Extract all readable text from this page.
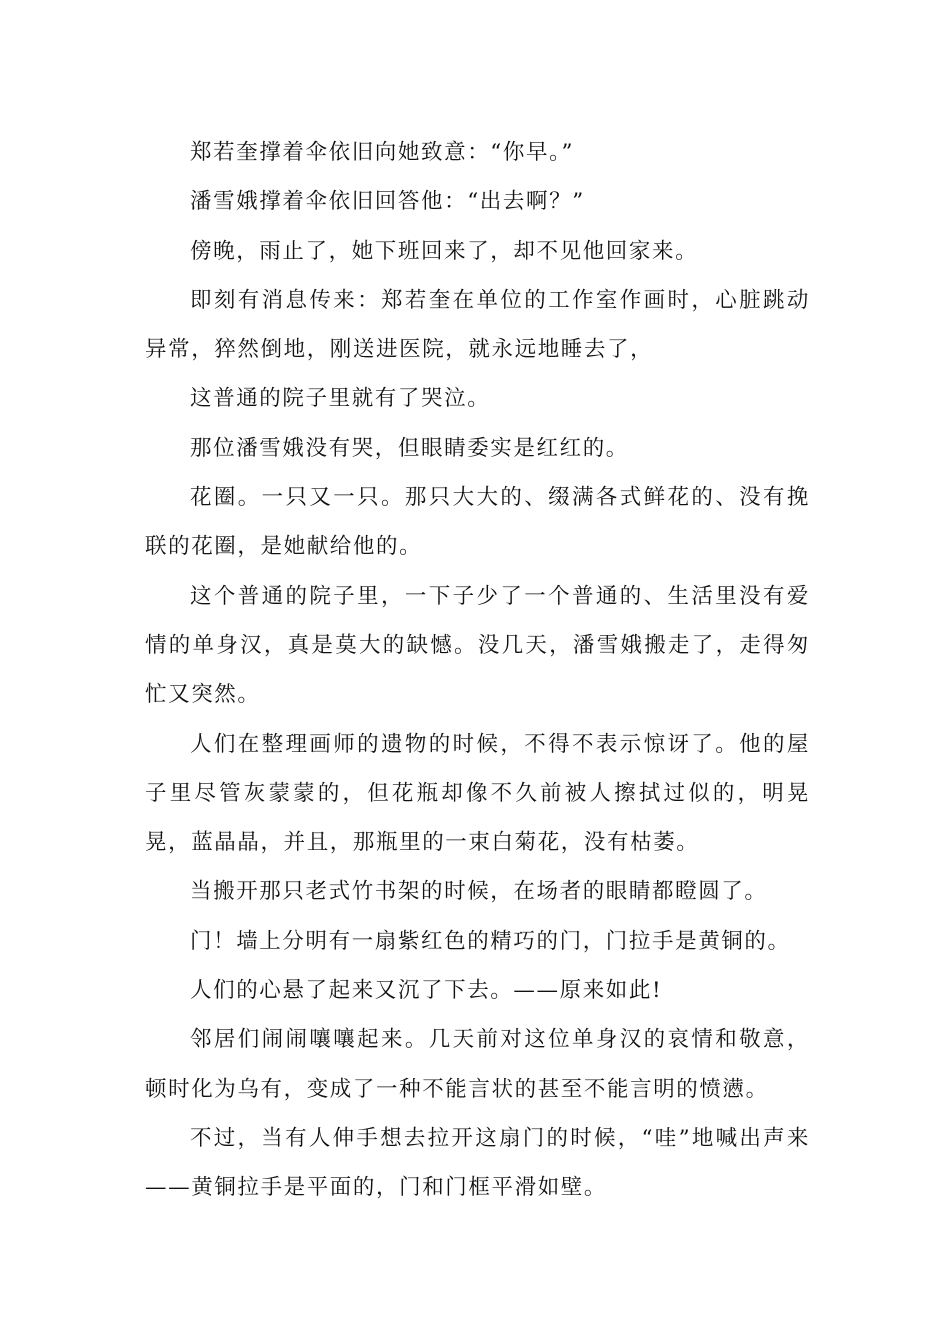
郑若奎撑着伞依旧向她致意：“你早。”

潘雪娥撑着伞依旧回答他：“出去啊？”

傍晚，雨止了，她下班回来了，却不见他回家来。

即刻有消息传来：郑若奎在单位的工作室作画时，心脏跳动异常，猝然倒地，刚送进医院，就永远地睡去了，

这普通的院子里就有了哭泣。

那位潘雪娥没有哭，但眼睛委实是红红的。

花圈。一只又一只。那只大大的、缀满各式鲜花的、没有挽联的花圈，是她献给他的。

这个普通的院子里，一下子少了一个普通的、生活里没有爱情的单身汉，真是莫大的缺憾。没几天，潘雪娥搬走了，走得匆忙又突然。

人们在整理画师的遗物的时候，不得不表示惊讶了。他的屋子里尽管灰蒙蒙的，但花瓶却像不久前被人擦拭过似的，明晃晃，蓝晶晶，并且，那瓶里的一束白菊花，没有枯萎。

当搬开那只老式竹书架的时候，在场者的眼睛都瞪圆了。

门！墙上分明有一扇紫红色的精巧的门，门拉手是黄铜的。

人们的心悬了起来又沉了下去。——原来如此!

邻居们闹闹嚷嚷起来。几天前对这位单身汉的哀情和敬意，顿时化为乌有，变成了一种不能言状的甚至不能言明的愤懑。

不过，当有人伸手想去拉开这扇门的时候，“哇”地喊出声来——黄铜拉手是平面的，门和门框平滑如壁。
